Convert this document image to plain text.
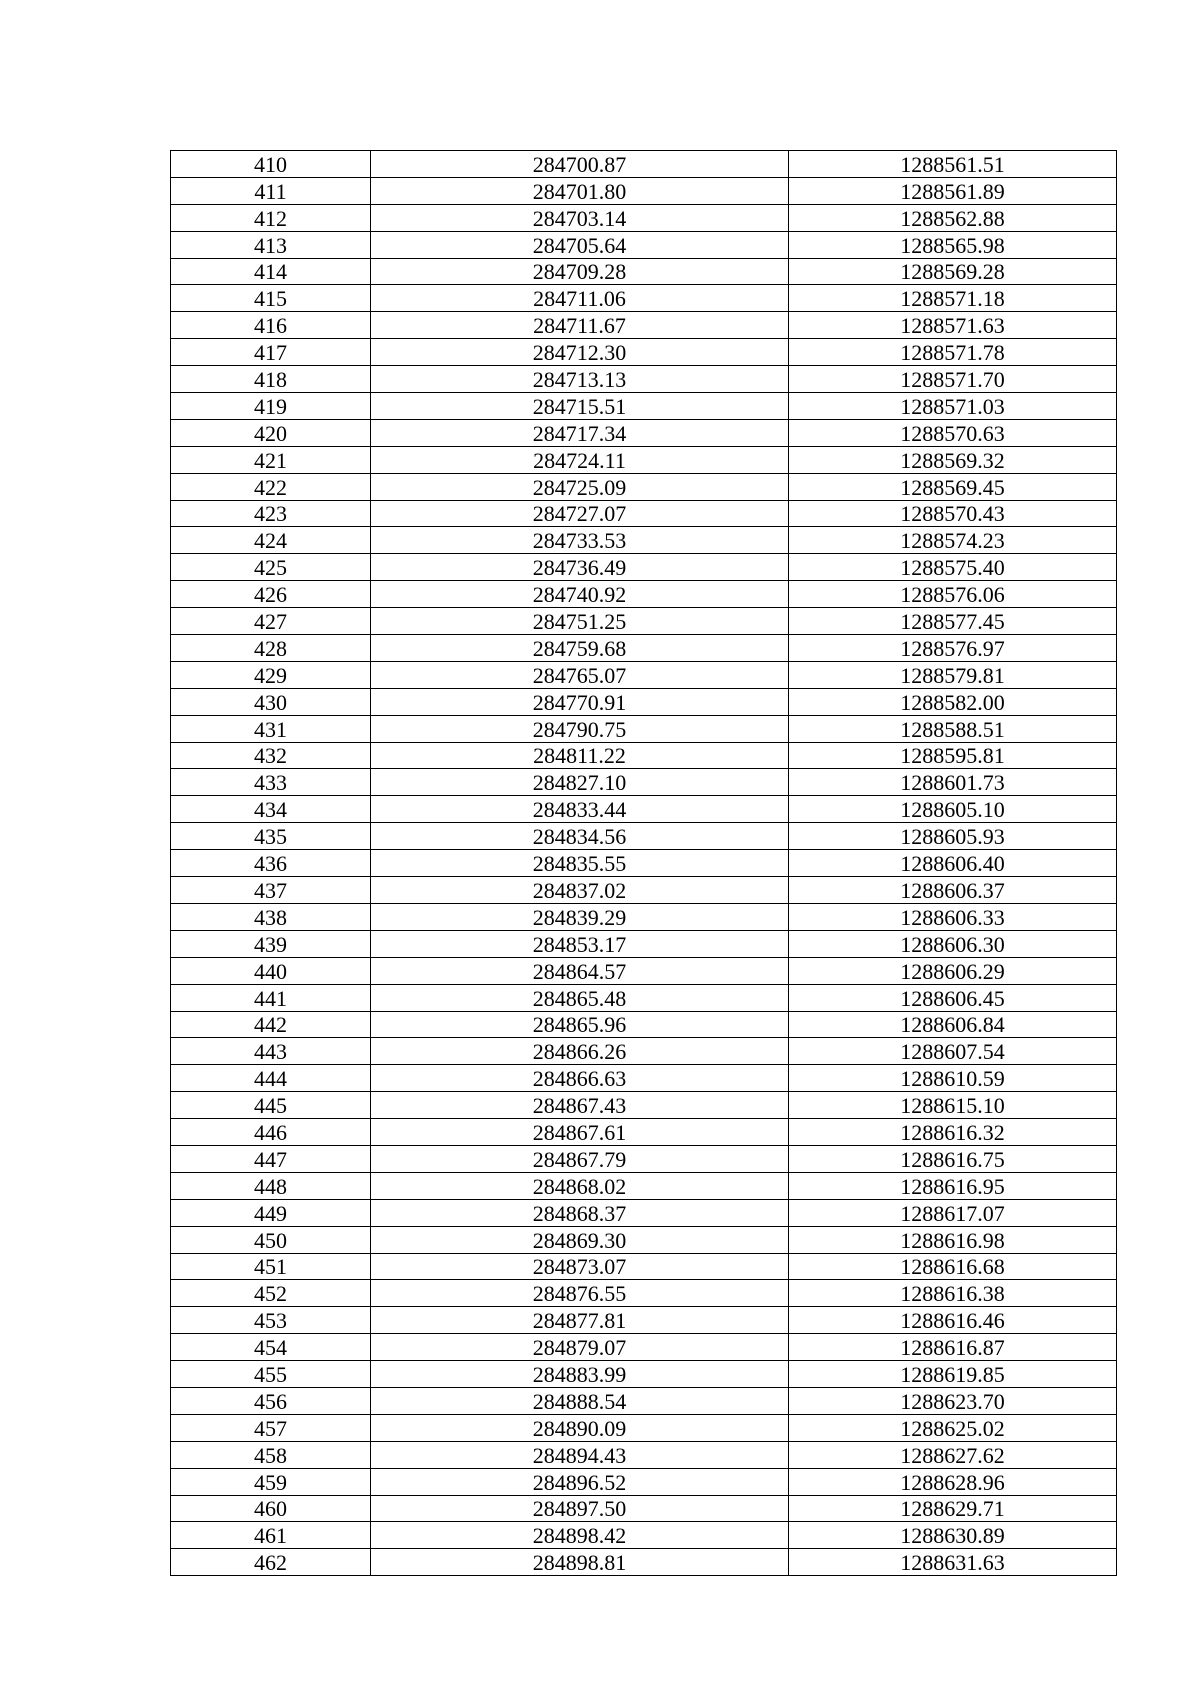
410	284700.87	1288561.51
411	284701.80	1288561.89
412	284703.14	1288562.88
413	284705.64	1288565.98
414	284709.28	1288569.28
415	284711.06	1288571.18
416	284711.67	1288571.63
417	284712.30	1288571.78
418	284713.13	1288571.70
419	284715.51	1288571.03
420	284717.34	1288570.63
421	284724.11	1288569.32
422	284725.09	1288569.45
423	284727.07	1288570.43
424	284733.53	1288574.23
425	284736.49	1288575.40
426	284740.92	1288576.06
427	284751.25	1288577.45
428	284759.68	1288576.97
429	284765.07	1288579.81
430	284770.91	1288582.00
431	284790.75	1288588.51
432	284811.22	1288595.81
433	284827.10	1288601.73
434	284833.44	1288605.10
435	284834.56	1288605.93
436	284835.55	1288606.40
437	284837.02	1288606.37
438	284839.29	1288606.33
439	284853.17	1288606.30
440	284864.57	1288606.29
441	284865.48	1288606.45
442	284865.96	1288606.84
443	284866.26	1288607.54
444	284866.63	1288610.59
445	284867.43	1288615.10
446	284867.61	1288616.32
447	284867.79	1288616.75
448	284868.02	1288616.95
449	284868.37	1288617.07
450	284869.30	1288616.98
451	284873.07	1288616.68
452	284876.55	1288616.38
453	284877.81	1288616.46
454	284879.07	1288616.87
455	284883.99	1288619.85
456	284888.54	1288623.70
457	284890.09	1288625.02
458	284894.43	1288627.62
459	284896.52	1288628.96
460	284897.50	1288629.71
461	284898.42	1288630.89
462	284898.81	1288631.63
